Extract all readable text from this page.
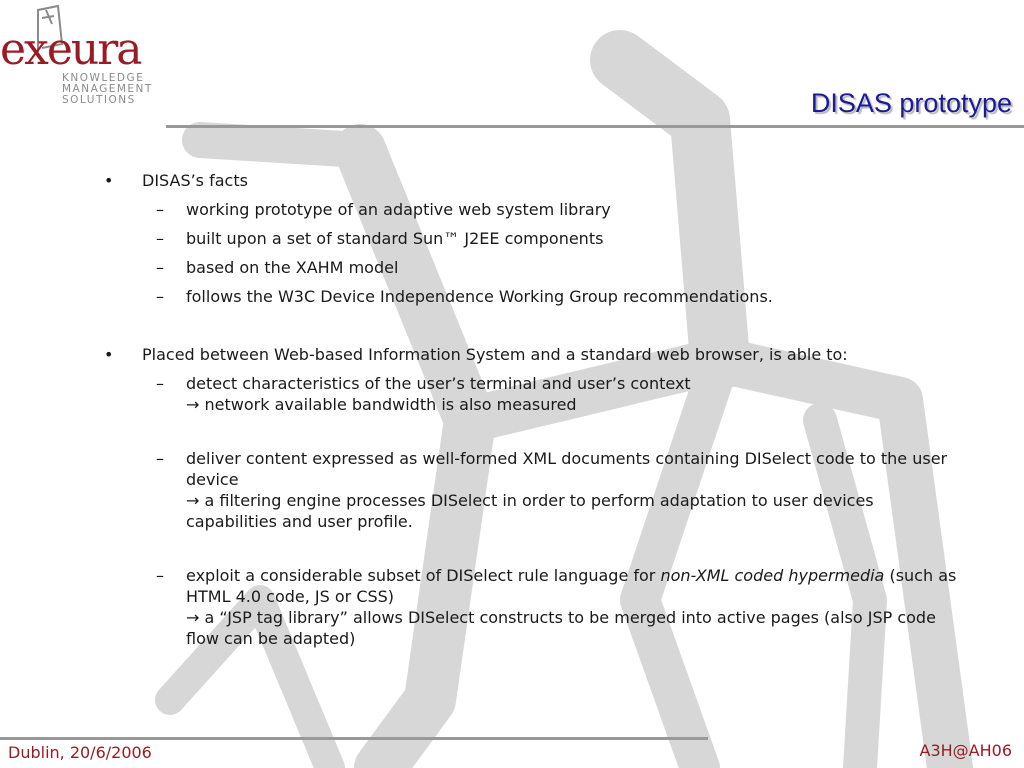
exeura
KNOWLEDGE
MANAGEMENT
SOLUTIONS	DISAS prototype
• DISAS’s facts
– working prototype of an adaptive web system library
– built upon a set of standard Sun™ J2EE components
– based on the XAHM model
– follows the W3C Device Independence Working Group recommendations.
• Placed between Web-based Information System and a standard web browser, is able to:
– detect characteristics of the user’s terminal and user’s context
→ network available bandwidth is also measured
– deliver content expressed as well-formed XML documents containing DISelect code to the user device
→ a filtering engine processes DISelect in order to perform adaptation to user devices capabilities and user profile.
– exploit a considerable subset of DISelect rule language for non-XML coded hypermedia (such as HTML 4.0 code, JS or CSS)
→ a “JSP tag library” allows DISelect constructs to be merged into active pages (also JSP code flow can be adapted)
Dublin, 20/6/2006	A3H@AH06
